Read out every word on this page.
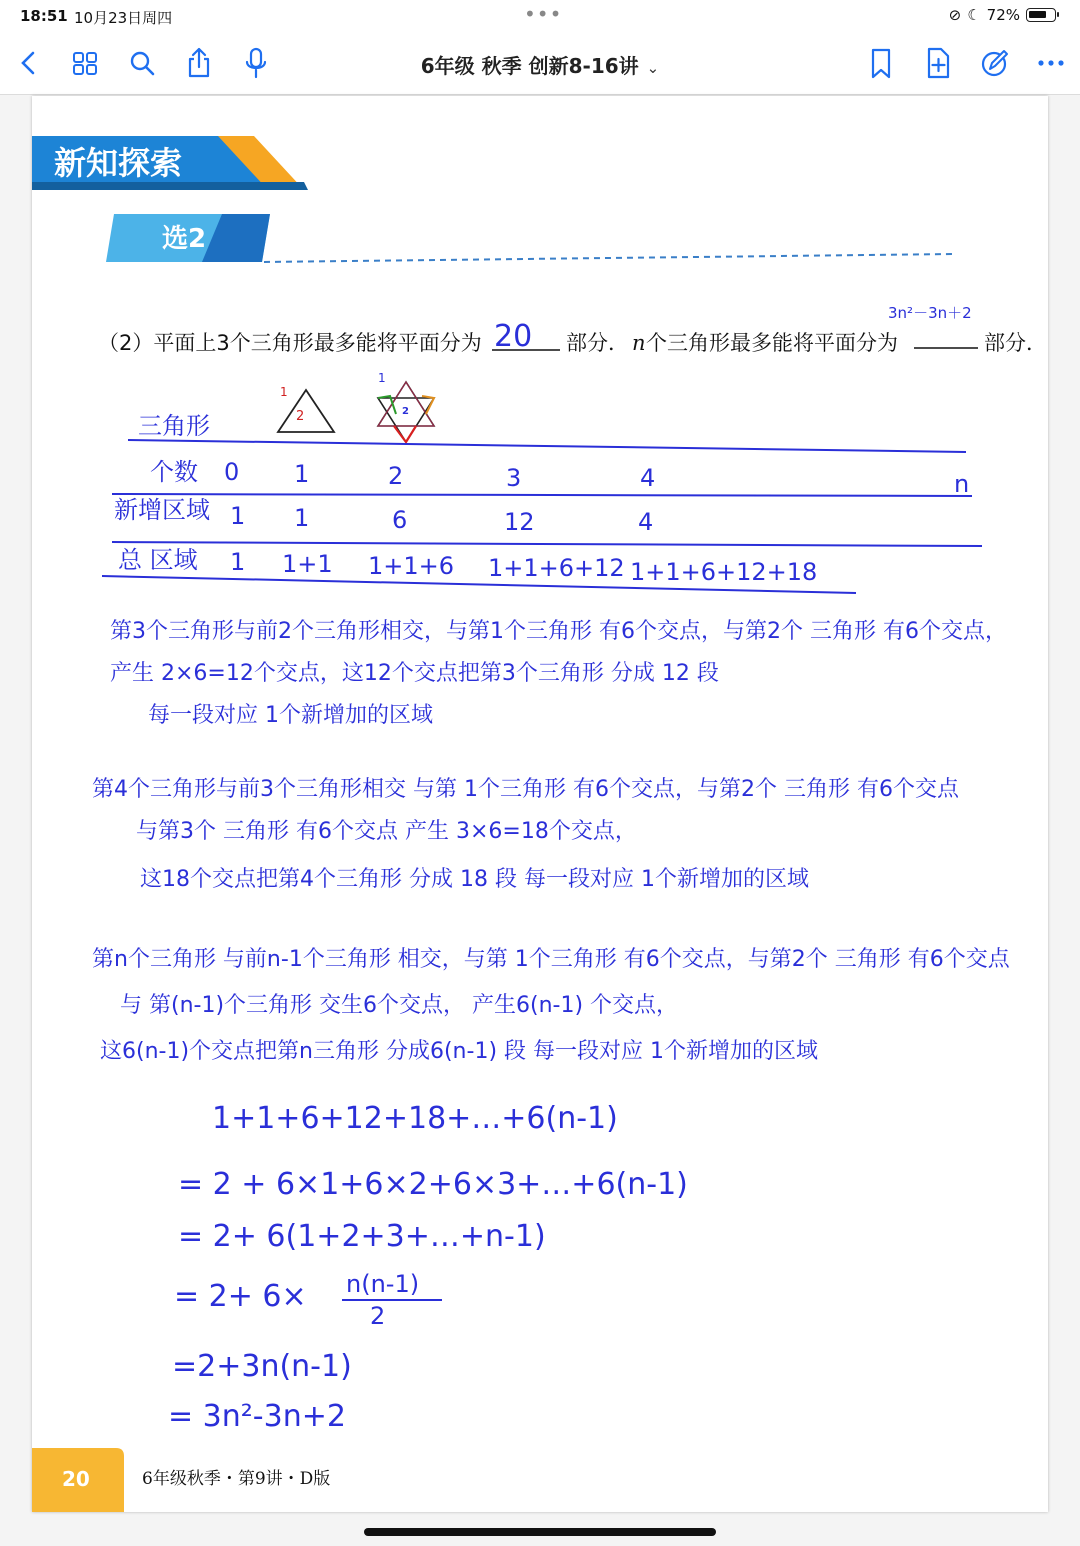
18:51 10月23日周四	•••	⊘ ☾ 72%
6年级 秋季 创新8-16讲 ⌄
新知探索
选2
（2）平面上3个三角形最多能将平面分为 20 部分． n 个三角形最多能将平面分为	部分．
3n²－3n＋2
1
2
1
2
三角形
个数 0 1	2	3	4	n
新增区域 1 1	6	12	4
总 区域 1 1+1 1+1+6 1+1+6+12 1+1+6+12+18
第3个三角形与前2个三角形相交，与第1个三角形 有6个交点，与第2个 三角形 有6个交点，
产生 2×6=12个交点，这12个交点把第3个三角形 分成 12 段
每一段对应 1个新增加的区域
第4个三角形与前3个三角形相交 与第 1个三角形 有6个交点，与第2个 三角形 有6个交点
与第3个 三角形 有6个交点 产生 3×6=18个交点，
这18个交点把第4个三角形 分成 18 段 每一段对应 1个新增加的区域
第n个三角形 与前n-1个三角形 相交，与第 1个三角形 有6个交点，与第2个 三角形 有6个交点
与 第(n-1)个三角形 交生6个交点， 产生6(n-1) 个交点，
这6(n-1)个交点把第n三角形 分成6(n-1) 段 每一段对应 1个新增加的区域
1+1+6+12+18+…+6(n-1)
= 2 + 6×1+6×2+6×3+…+6(n-1)
= 2+ 6(1+2+3+…+n-1)
= 2+ 6× n(n-1)
2
=2+3n(n-1)
= 3n²-3n+2
20	6年级秋季・第9讲・D版
